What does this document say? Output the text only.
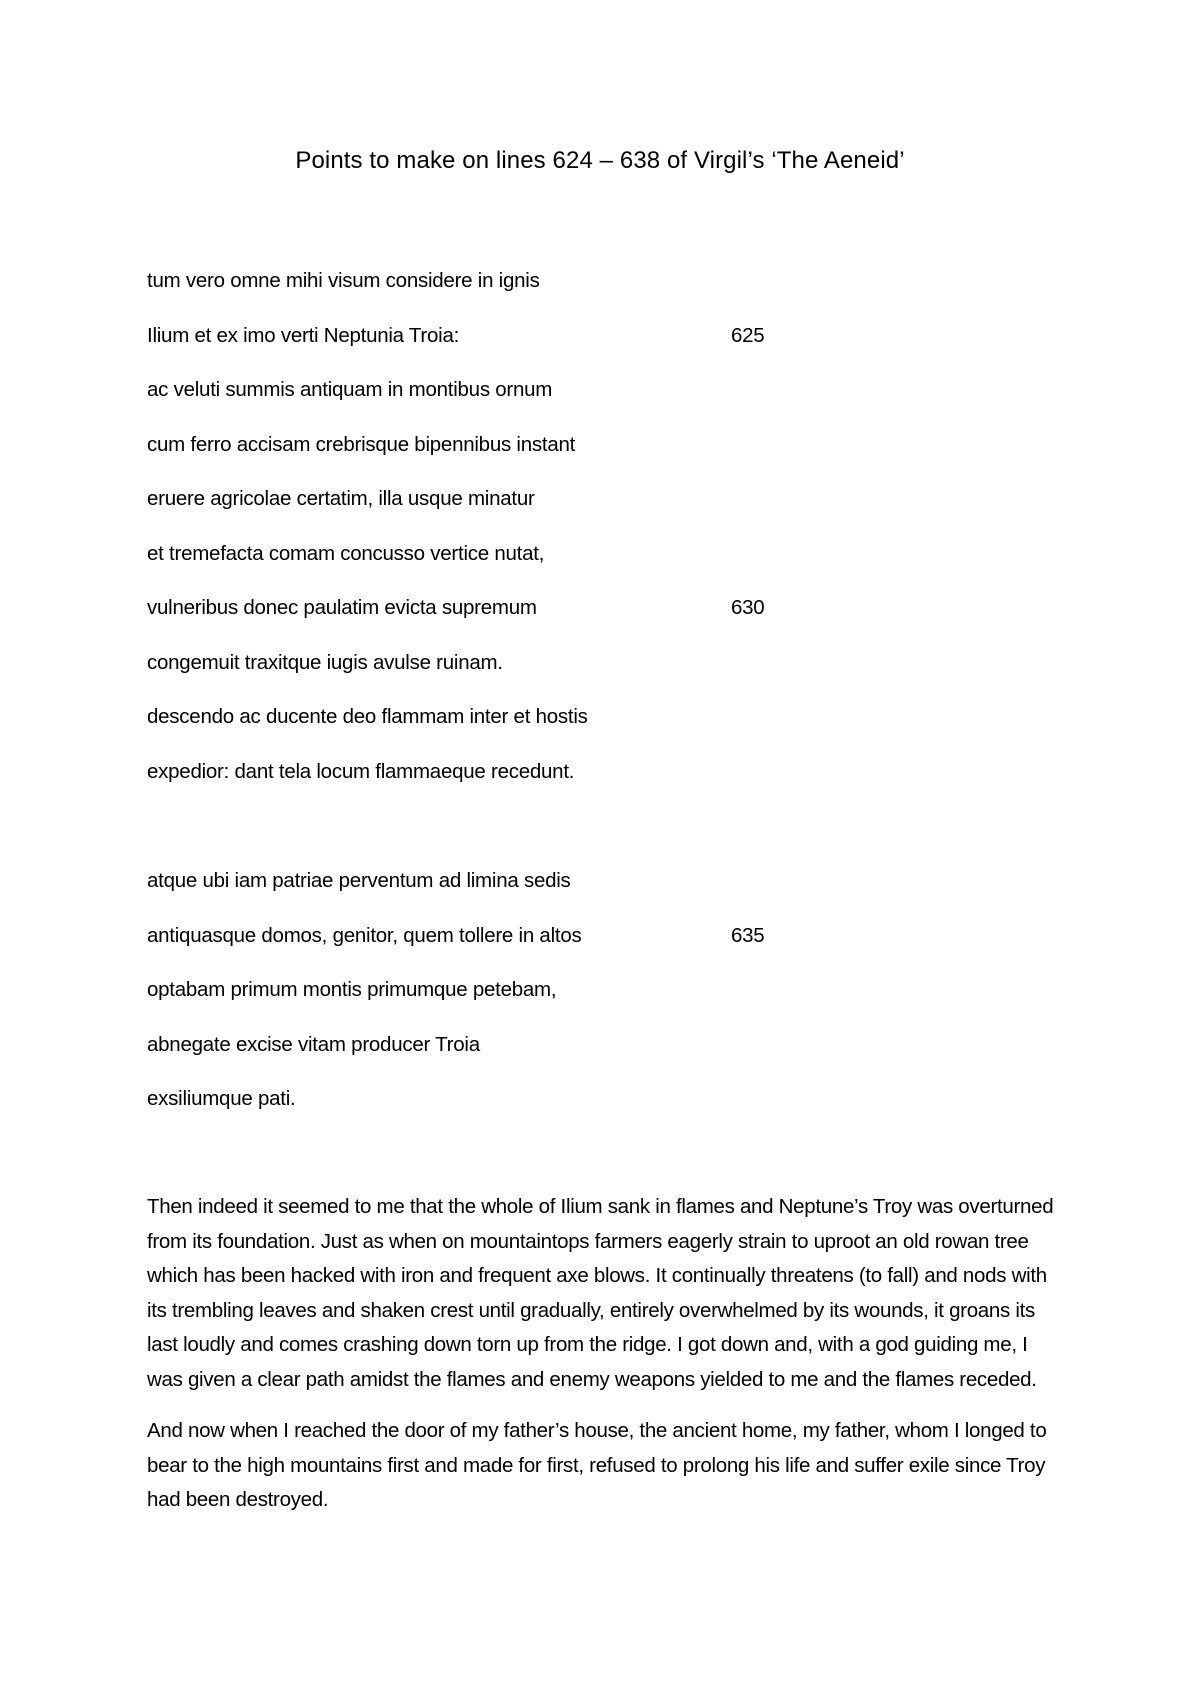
Points to make on lines 624 – 638 of Virgil’s ‘The Aeneid’
tum vero omne mihi visum considere in ignis
Ilium et ex imo verti Neptunia Troia:	625
ac veluti summis antiquam in montibus ornum
cum ferro accisam crebrisque bipennibus instant
eruere agricolae certatim, illa usque minatur
et tremefacta comam concusso vertice nutat,
vulneribus donec paulatim evicta supremum	630
congemuit traxitque iugis avulse ruinam.
descendo ac ducente deo flammam inter et hostis
expedior: dant tela locum flammaeque recedunt.
atque ubi iam patriae perventum ad limina sedis
antiquasque domos, genitor, quem tollere in altos	635
optabam primum montis primumque petebam,
abnegate excise vitam producer Troia
exsiliumque pati.

Then indeed it seemed to me that the whole of Ilium sank in flames and Neptune’s Troy was overturned from its foundation. Just as when on mountaintops farmers eagerly strain to uproot an old rowan tree which has been hacked with iron and frequent axe blows. It continually threatens (to fall) and nods with its trembling leaves and shaken crest until gradually, entirely overwhelmed by its wounds, it groans its last loudly and comes crashing down torn up from the ridge. I got down and, with a god guiding me, I was given a clear path amidst the flames and enemy weapons yielded to me and the flames receded.

And now when I reached the door of my father’s house, the ancient home, my father, whom I longed to bear to the high mountains first and made for first, refused to prolong his life and suffer exile since Troy had been destroyed.
